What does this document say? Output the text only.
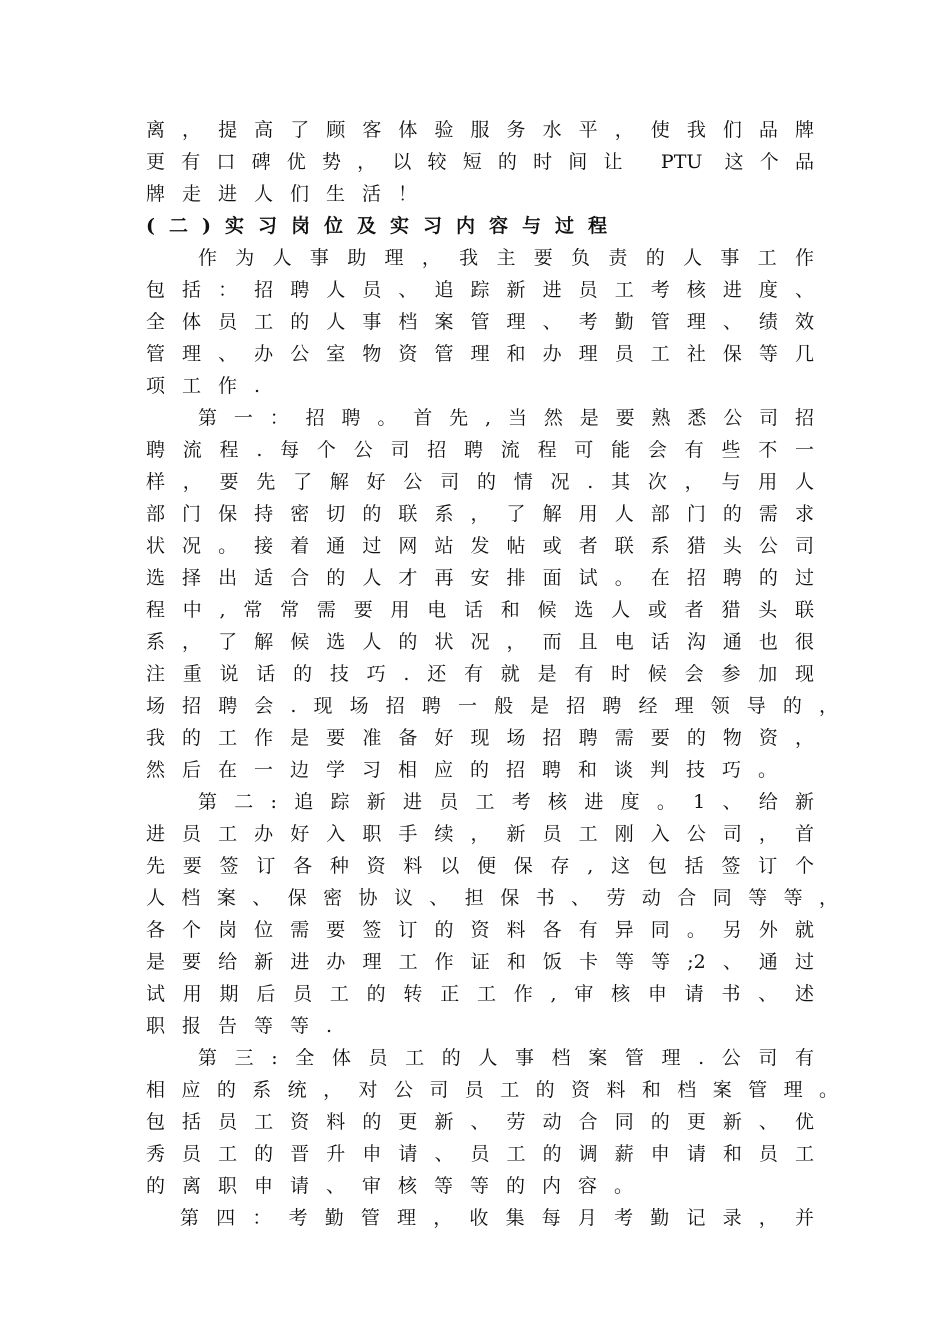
离，提高了顾客体验服务水平，使我们品牌
更有口碑优势，以较短的时间让 PTU 这个品
牌走进人们生活！
(二)实习岗位及实习内容与过程
作为人事助理，我主要负责的人事工作
包括：招聘人员、追踪新进员工考核进度、
全体员工的人事档案管理、考勤管理、绩效
管理、办公室物资管理和办理员工社保等几
项工作.
第一：招聘。首先,当然是要熟悉公司招
聘流程.每个公司招聘流程可能会有些不一
样，要先了解好公司的情况.其次，与用人
部门保持密切的联系，了解用人部门的需求
状况。接着通过网站发帖或者联系猎头公司
选择出适合的人才再安排面试。在招聘的过
程中,常常需要用电话和候选人或者猎头联
系，了解候选人的状况，而且电话沟通也很
注重说话的技巧.还有就是有时候会参加现
场招聘会.现场招聘一般是招聘经理领导的，
我的工作是要准备好现场招聘需要的物资，
然后在一边学习相应的招聘和谈判技巧。
第二:追踪新进员工考核进度。1、给新
进员工办好入职手续，新员工刚入公司，首
先要签订各种资料以便保存,这包括签订个
人档案、保密协议、担保书、劳动合同等等，
各个岗位需要签订的资料各有异同。另外就
是要给新进办理工作证和饭卡等等;2、通过
试用期后员工的转正工作,审核申请书、述
职报告等等.
第三:全体员工的人事档案管理.公司有
相应的系统，对公司员工的资料和档案管理。
包括员工资料的更新、劳动合同的更新、优
秀员工的晋升申请、员工的调薪申请和员工
的离职申请、审核等等的内容。
第四：考勤管理，收集每月考勤记录，并
